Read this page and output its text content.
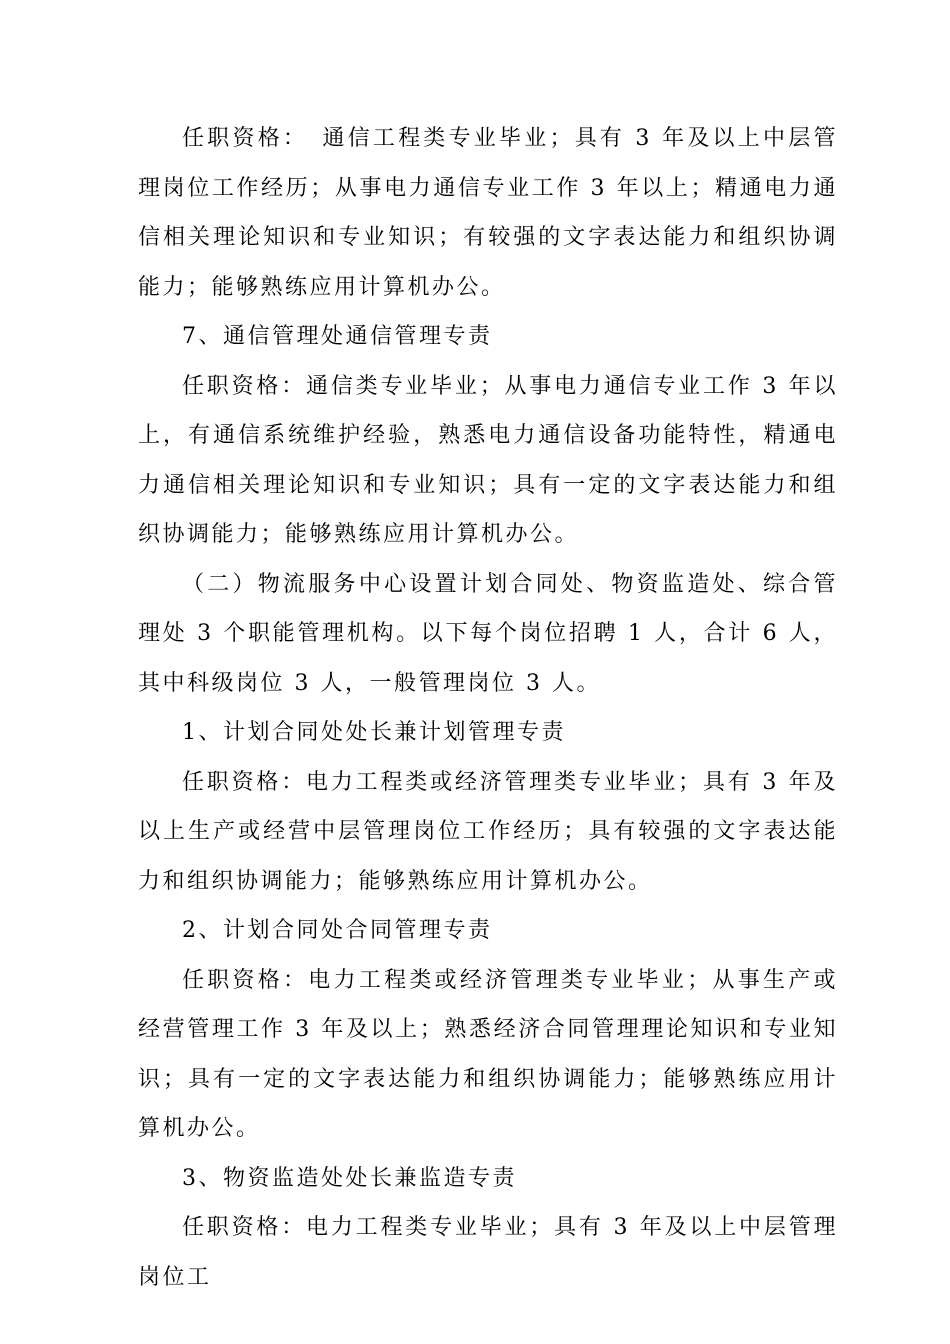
任职资格：　通信工程类专业毕业；具有 3 年及以上中层管理岗位工作经历；从事电力通信专业工作 3 年以上；精通电力通信相关理论知识和专业知识；有较强的文字表达能力和组织协调能力；能够熟练应用计算机办公。

7、通信管理处通信管理专责

任职资格：通信类专业毕业；从事电力通信专业工作 3 年以上，有通信系统维护经验，熟悉电力通信设备功能特性，精通电力通信相关理论知识和专业知识；具有一定的文字表达能力和组织协调能力；能够熟练应用计算机办公。

（二）物流服务中心设置计划合同处、物资监造处、综合管理处 3 个职能管理机构。以下每个岗位招聘 1 人，合计 6 人，其中科级岗位 3 人，一般管理岗位 3 人。

1、计划合同处处长兼计划管理专责

任职资格：电力工程类或经济管理类专业毕业；具有 3 年及以上生产或经营中层管理岗位工作经历；具有较强的文字表达能力和组织协调能力；能够熟练应用计算机办公。

2、计划合同处合同管理专责

任职资格：电力工程类或经济管理类专业毕业；从事生产或经营管理工作 3 年及以上；熟悉经济合同管理理论知识和专业知识；具有一定的文字表达能力和组织协调能力；能够熟练应用计算机办公。

3、物资监造处处长兼监造专责

任职资格：电力工程类专业毕业；具有 3 年及以上中层管理岗位工
